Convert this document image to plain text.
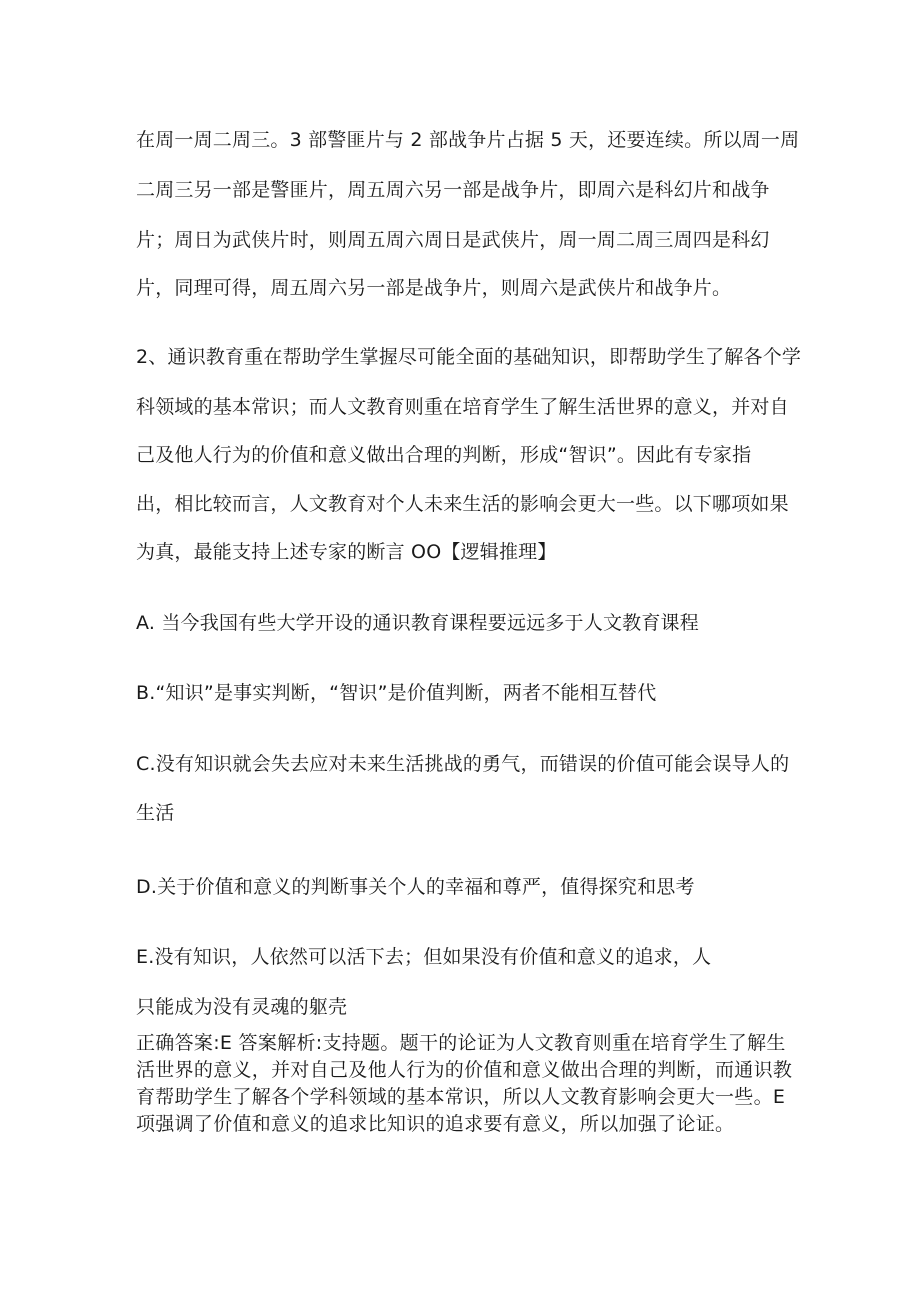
在周一周二周三。3 部警匪片与 2 部战争片占据 5 天，还要连续。所以周一周
二周三另一部是警匪片，周五周六另一部是战争片，即周六是科幻片和战争
片；周日为武侠片时，则周五周六周日是武侠片，周一周二周三周四是科幻
片，同理可得，周五周六另一部是战争片，则周六是武侠片和战争片。
2、通识教育重在帮助学生掌握尽可能全面的基础知识，即帮助学生了解各个学
科领域的基本常识；而人文教育则重在培育学生了解生活世界的意义，并对自
己及他人行为的价值和意义做出合理的判断，形成“智识”。因此有专家指
出，相比较而言，人文教育对个人未来生活的影响会更大一些。以下哪项如果
为真，最能支持上述专家的断言 OO【逻辑推理】
A. 当今我国有些大学开设的通识教育课程要远远多于人文教育课程
B.“知识”是事实判断，“智识”是价值判断，两者不能相互替代
C.没有知识就会失去应对未来生活挑战的勇气，而错误的价值可能会误导人的
生活
D.关于价值和意义的判断事关个人的幸福和尊严，值得探究和思考
E.没有知识，人依然可以活下去；但如果没有价值和意义的追求，人
只能成为没有灵魂的躯壳
正确答案:E 答案解析:支持题。题干的论证为人文教育则重在培育学生了解生活世界的意义，并对自己及他人行为的价值和意义做出合理的判断，而通识教育帮助学生了解各个学科领域的基本常识，所以人文教育影响会更大一些。E 项强调了价值和意义的追求比知识的追求要有意义，所以加强了论证。
